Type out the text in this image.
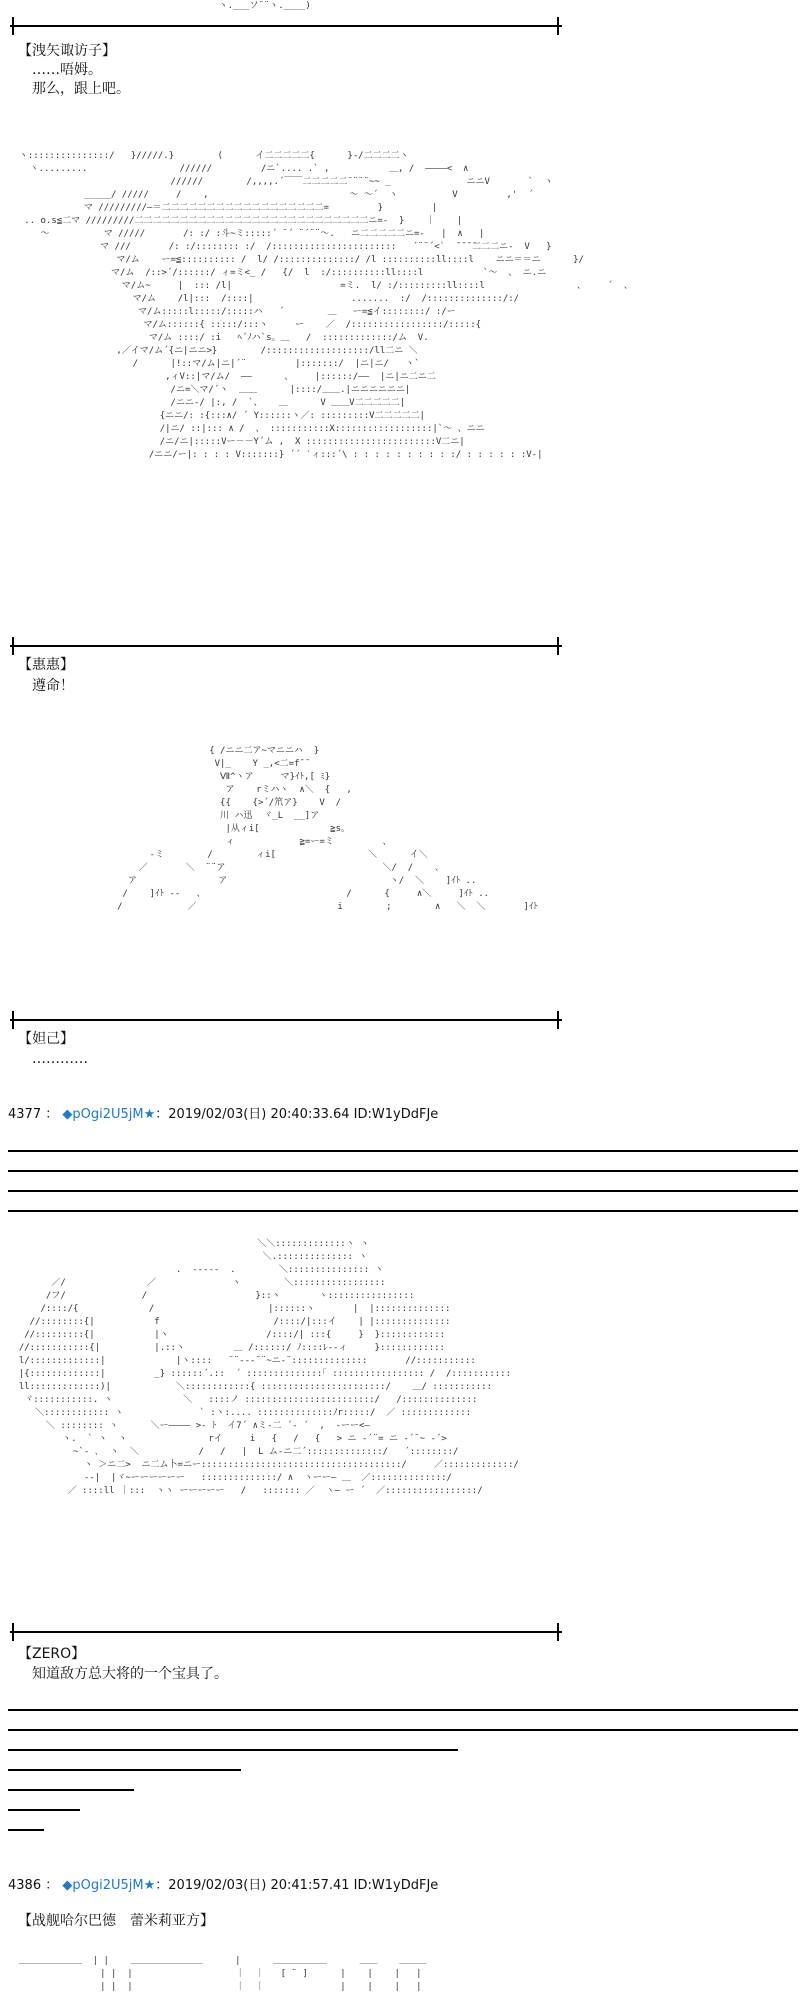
ヽ.___ソ¨¨ヽ.____)
【洩矢诹访子】
……唔姆。
那么，跟上吧。
ヽ:::::::::::::::/   }/////.}        (      イ二二二二二{      }-/二二二二ヽ
ヽ.........                 //////         /ニ`.... .` ,           ＿, /  ――――<  ∧
//////        /,,,,.´￣￣二二二二二¨¨¨¨~~ _              ニニV       `  ヽ
_____/ /////     /    ,                          ～ ～´  ヽ          V         ,'  ´
マ /////////―＝二二二二二二二二二二二二二二二二二二=         }         |
.. o.s≦二マ /////////二二二二二二二二二二二二二二二二二二二二二二二二二二ニ=-  }    ｜    |
～          マ /////       /: :/ :斗~ミ:::::´ ¨´ ¨´¨¨～.   ニ二二二二二ニ=-   |  ∧   |
マ ///       /: :/:::::::: :/  /:::::::::::::::::::::::   ´¨¨´<`  ̄ ̄ ̄ ̄二二二ニ-  V   }
マ/ム    ー=≦:::::::::: /  l/ /::::::::::::::/ /l ::::::::::ll::::l    ニニ＝＝ニ      }/
マ/ム  /::>´/::::::/ ィ=ミ<_ /   {/  l  :/::::::::::ll::::l           `～  、 ニ.ニ
マ/ム~     |  ::: /l|                    =ミ.  l/ :/:::::::::ll::::l                 、    ´  、
マ/ム    /l|:::  /::::|                  .......  :/  /::::::::::::::/:/
マ/ム:::::l:::::/:::::ハ   ´        ＿   ー=≦イ::::::::/ :/ー
マ/ム::::::{ :::::/:::ヽ     ー    ／  /:::::::::::::::::/:::::{
マ/ム ::::/ :i   ﾍ´ﾉハ`s。＿   /  :::::::::::::/ム  V.
,／イマ/ム´{ニ|ニニ>}        /:::::::::::::::::::/ll二ニ ＼
/      |!::マ/ム|ニ|´¨         |:::::::/  |ニ|ニ/   ヽ`
,ィV::|マ/ム/  ――      、    |::::::/――  |ニ|ニ二ニ二
/ニ=＼マ/´ヽ  ＿＿      |::::/＿＿.|ニニニニニニ|
/ニニ-/ |:, /  `、   ＿      V ＿＿V二二二二二|
{ニニ/: :{:::∧/ ´ Y::::::ヽ／: :::::::::V二二二二二|
/|ニ/ ::|::: ∧ /  、 :::::::::::X::::::::::::::::::|`～ 、ニニ
/ニ/ニ|:::::Vー－－Y´ム ,  X ::::::::::::::::::::::::V二ニ|
/ニニ/ー|: : : : V:::::::} ´´ ′ィ:::´\ : : : : : : : : : :/ : : : : : :V-|
【惠惠】
遵命！
{ /ニニ二ア~マニニハ  }
V|_    Y _,<二=f¯¯
Ⅶ^ヽア     マ}ｲﾄ,[ ﾐ}
ア    rミハヽ  ∧＼  {   ,
{{    {>´/笊ア}    V  /
川 ハ迅  ヾ_L  __]ア
|从ィi[             ≧s。
ィ            ≧=ー=ミ         、
-ミ        /        ィi[                 ＼      イ＼
／       ＼  ¨¨ア                             ＼/  /    、
ア               ア                              ヽ/  ＼    ]ｲﾄ ..
/    ]ｲﾄ --   、                          /      {     ∧＼     ]ｲﾄ ..
/            ／                          i        ;        ∧   ＼  ＼       ]ｲﾄ
【妲己】
…………
4377 ： ◆pOgi2U5jM★：2019/02/03(日) 20:40:33.64 ID:W1yDdFJe
＼＼:::::::::::::ヽ ヽ
＼.:::::::::::::: ヽ
.  -----  .        ＼::::::::::::::: ヽ
／/               ／              ヽ        ＼:::::::::::::::::
/フ/              /                    }::ヽ       ヽ::::::::::::::::
/::::/{             /                     |::::::ヽ       |  |::::::::::::::
//::::::::{|           f                     /::::/|:::イ    | |::::::::::::::
//:::::::::{|           |ヽ                  /::::/| :::{     }  }::::::::::::
//:::::::::::{|          |.::ヽ         ＿ /::::::/ ﾉ::::ﾚ--ィ     }::::::::::::
l/:::::::::::::|             |ヽ::::   ¨¨---¨¨~ニ-¨::::::::::::::       //:::::::::::
|{:::::::::::::|         _} ::::::´.::  ´ ::::::::::::::｢ ::::::::::::::::: /  /:::::::::::
ll:::::::::::::)|            ＼::::::::::::{ :::::::::::::::::::::::/    ＿/ :::::::::::
ヾ:::::::::::. ヽ             ＼   ::::ノ ::::::::::::::::::::::::/   /::::::::::::::
＼:::::::::::: ヽ              ` :ヽ:.... ::::::::::::::ﾉr:::::/  ／ :::::::::::::
＼ :::::::: ヽ      ＼ー―――― >- ﾄ  イ7´ ∧ミ-二 ´- ´  ,  -ーー<―
ヽ.  ` ヽ  ヽ               rイ     i   {   /   {   > ニ -´¨= ニ -´¨~ -´>
~`- ､  ヽ  ＼           /   /   |  L ム-ニ二´::::::::::::::/   ´::::::::/
ヽ ＞ニ二>  ニ二ム卜=ニー:::::::::::::::::::::::::::::::::::::/     ／:::::::::::::/
--|  |ヾ~ーーーーーー   ::::::::::::::/ ∧  ヽーー― ＿  ／::::::::::::::/
／ ::::ll ｜:::  ヽヽ ーーーーー   /   ::::::: ／  ヽ― ー ´  ／:::::::::::::::::/
【ZERO】
知道敌方总大将的一个宝具了。
4386 ： ◆pOgi2U5jM★：2019/02/03(日) 20:41:57.41 ID:W1yDdFJe
【战舰哈尔巴德　蕾米莉亚方】
＿＿＿＿＿＿＿  | |    ＿＿＿＿＿＿＿＿      |      ＿＿＿＿＿＿      ＿＿    ＿＿＿
| |  |                   ｜  ｜   [ ¨ ]      |    |    |   |
| |  |                   ｜  ｜              |    |    |   |
